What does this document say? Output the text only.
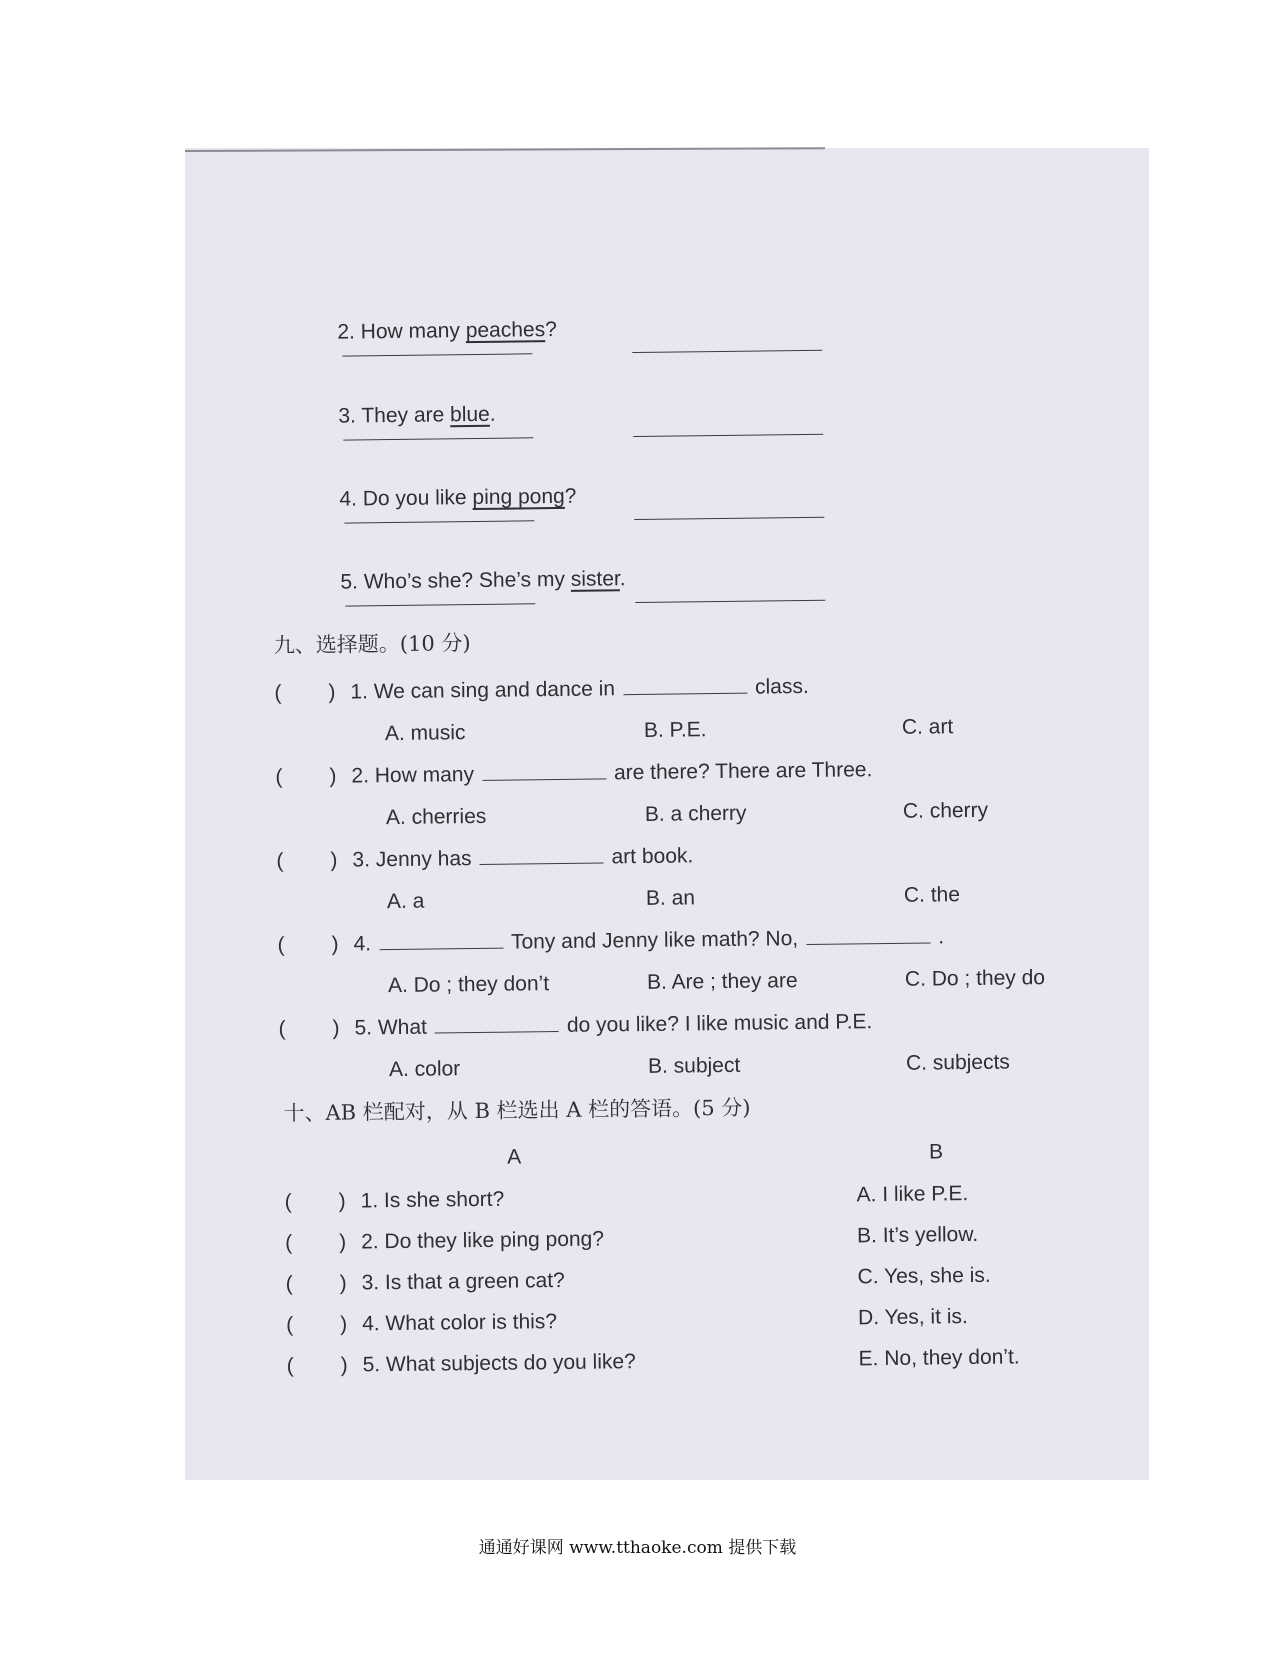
2. How many peaches?

3. They are blue.

4. Do you like ping pong?

5. Who’s she? She’s my sister.

九、选择题。(10 分)
( ) 1. We can sing and dance in	class.
A. music	B. P.E.	C. art
( ) 2. How many	are there? There are Three.
A. cherries	B. a cherry	C. cherry
( ) 3. Jenny has	art book.
A. a	B. an	C. the
( ) 4.	Tony and Jenny like math? No,	.
A. Do ; they don’t	B. Are ; they are	C. Do ; they do
( ) 5. What	do you like? I like music and P.E.
A. color	B. subject	C. subjects
十、AB 栏配对，从 B 栏选出 A 栏的答语。(5 分)
A	B
( ) 1. Is she short?	A. I like P.E.
( ) 2. Do they like ping pong?	B. It’s yellow.
( ) 3. Is that a green cat?	C. Yes, she is.
( ) 4. What color is this?	D. Yes, it is.
( ) 5. What subjects do you like?	E. No, they don’t.
通通好课网 www.tthaoke.com 提供下载
